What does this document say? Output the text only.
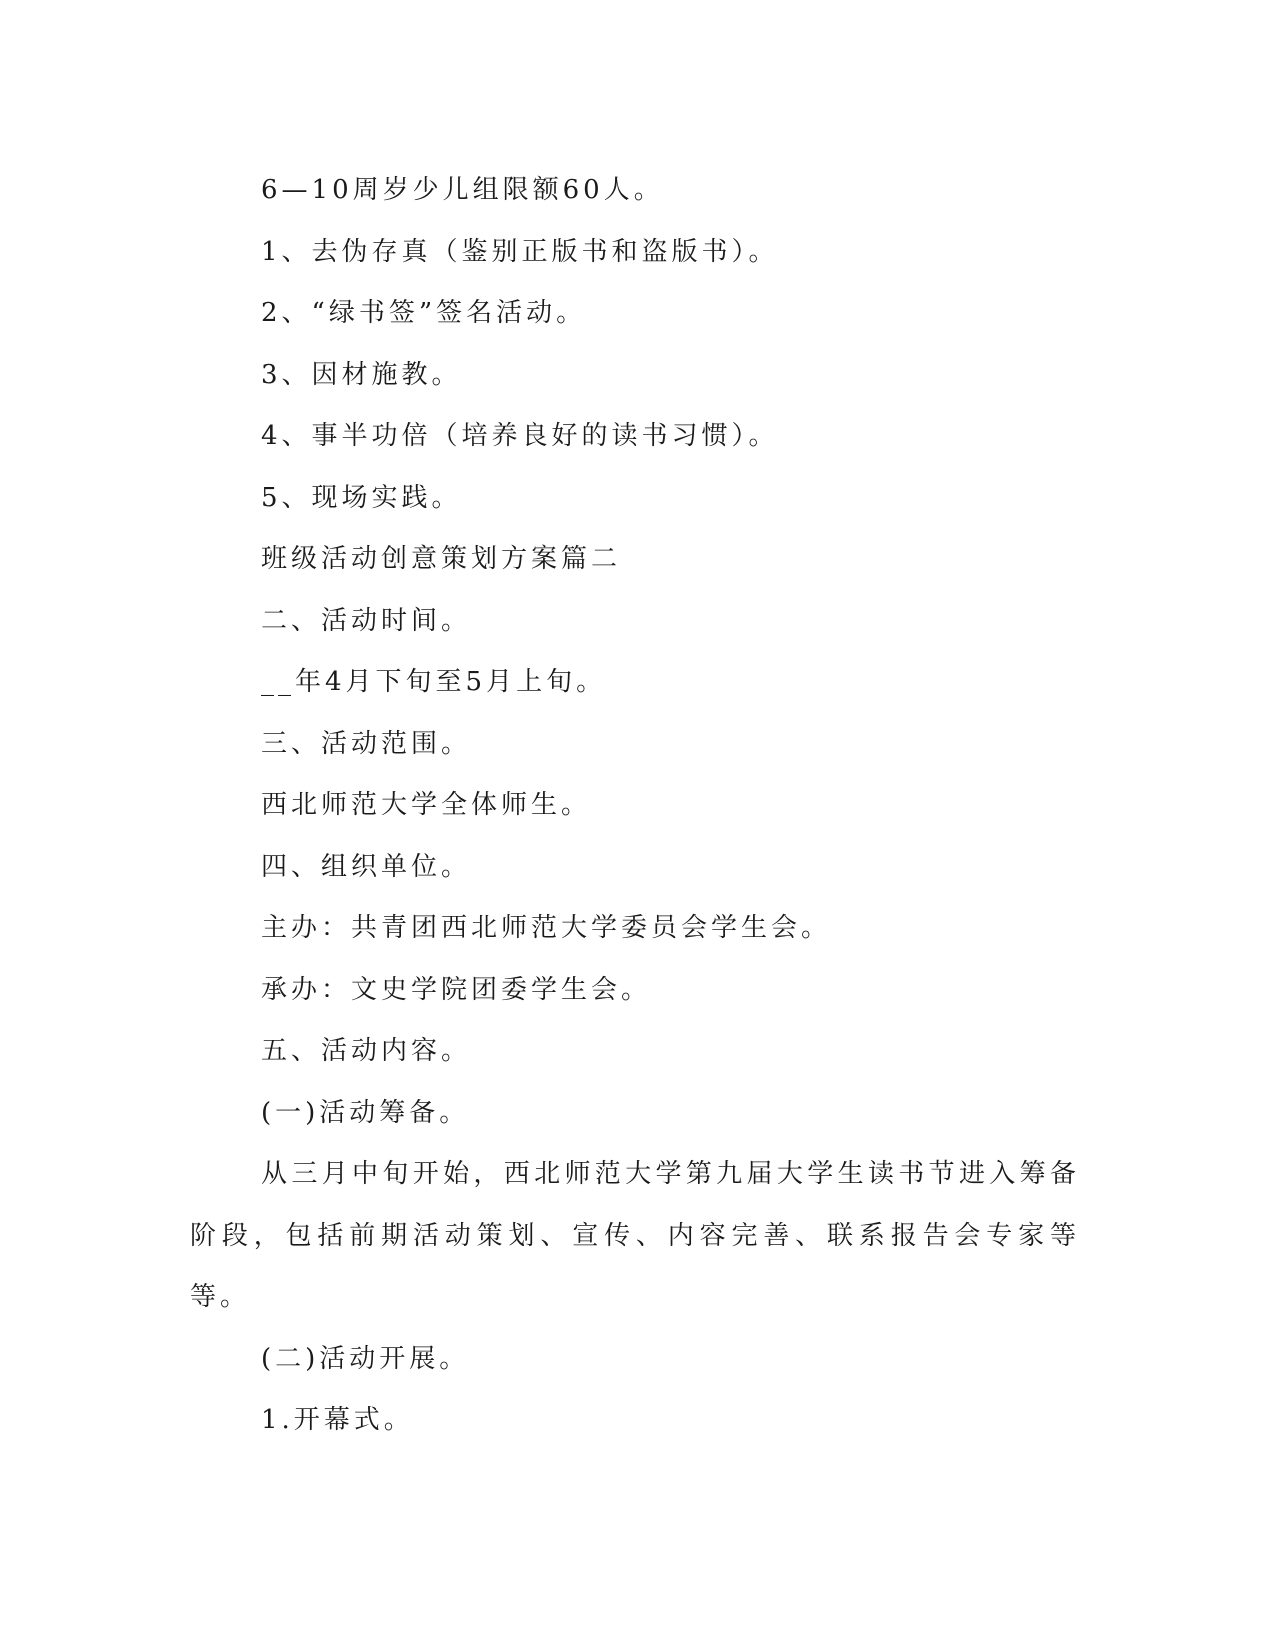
6—10周岁少儿组限额60人。

1、去伪存真（鉴别正版书和盗版书）。

2、“绿书签”签名活动。

3、因材施教。

4、事半功倍（培养良好的读书习惯）。

5、现场实践。

班级活动创意策划方案篇二

二、活动时间。

__年4月下旬至5月上旬。

三、活动范围。

西北师范大学全体师生。

四、组织单位。

主办：共青团西北师范大学委员会学生会。

承办：文史学院团委学生会。

五、活动内容。

(一)活动筹备。

从三月中旬开始，西北师范大学第九届大学生读书节进入筹备阶段，包括前期活动策划、宣传、内容完善、联系报告会专家等等。

(二)活动开展。

1.开幕式。
